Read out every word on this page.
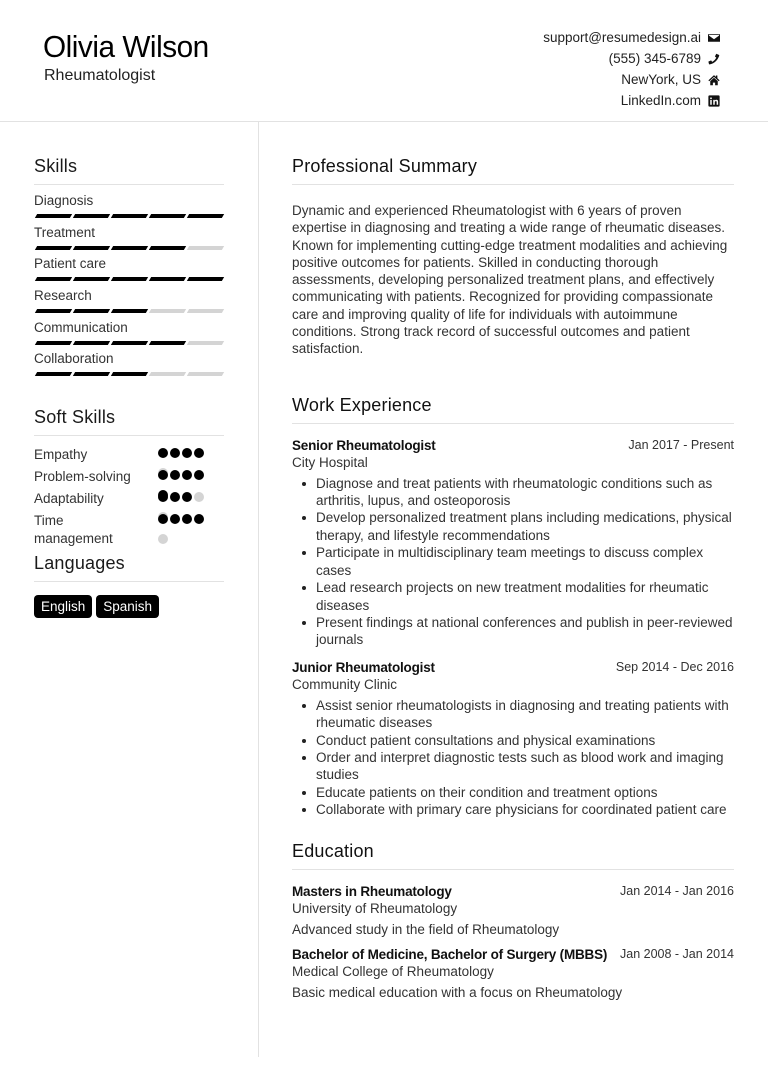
Olivia Wilson
Rheumatologist
support@resumedesign.ai
(555) 345-6789
NewYork, US
LinkedIn.com
Skills
Diagnosis
Treatment
Patient care
Research
Communication
Collaboration
Soft Skills
Empathy
Problem-solving
Adaptability
Time management
Languages
English	Spanish
Professional Summary

Dynamic and experienced Rheumatologist with 6 years of proven expertise in diagnosing and treating a wide range of rheumatic diseases. Known for implementing cutting-edge treatment modalities and achieving positive outcomes for patients. Skilled in conducting thorough assessments, developing personalized treatment plans, and effectively communicating with patients. Recognized for providing compassionate care and improving quality of life for individuals with autoimmune conditions. Strong track record of successful outcomes and patient satisfaction.

Work Experience
Senior Rheumatologist	Jan 2017 - Present
City Hospital
Diagnose and treat patients with rheumatologic conditions such as arthritis, lupus, and osteoporosis
Develop personalized treatment plans including medications, physical therapy, and lifestyle recommendations
Participate in multidisciplinary team meetings to discuss complex cases
Lead research projects on new treatment modalities for rheumatic diseases
Present findings at national conferences and publish in peer-reviewed journals
Junior Rheumatologist	Sep 2014 - Dec 2016
Community Clinic
Assist senior rheumatologists in diagnosing and treating patients with rheumatic diseases
Conduct patient consultations and physical examinations
Order and interpret diagnostic tests such as blood work and imaging studies
Educate patients on their condition and treatment options
Collaborate with primary care physicians for coordinated patient care
Education
Masters in Rheumatology	Jan 2014 - Jan 2016
University of Rheumatology
Advanced study in the field of Rheumatology
Bachelor of Medicine, Bachelor of Surgery (MBBS) Jan 2008 - Jan 2014
Medical College of Rheumatology
Basic medical education with a focus on Rheumatology
